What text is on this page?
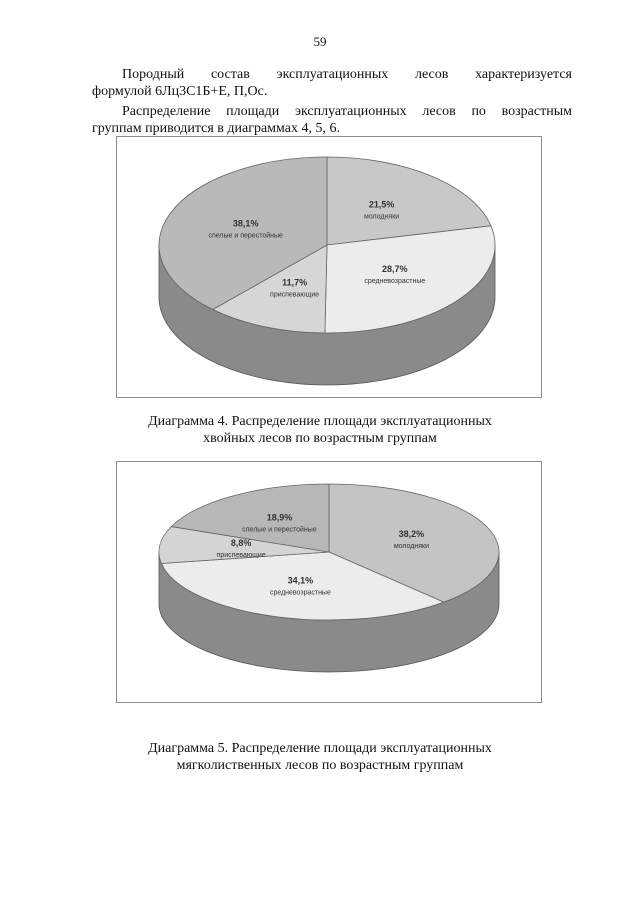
59
Породный состав эксплуатационных лесов характеризуется
формулой 6Лц3С1Б+Е, П,Ос.
Распределение площади эксплуатационных лесов по возрастным
группам приводится в диаграммах 4, 5, 6.
21,5%
молодняки
28,7%
средневозрастные
11,7%
приспевающие
38,1%
спелые и перестойные
Диаграмма 4. Распределение площади эксплуатационных
хвойных лесов по возрастным группам
38,2%
молодняки
34,1%
средневозрастные
8,8%
приспевающие
18,9%
спелые и перестойные
Диаграмма 5. Распределение площади эксплуатационных
мягколиственных лесов по возрастным группам
